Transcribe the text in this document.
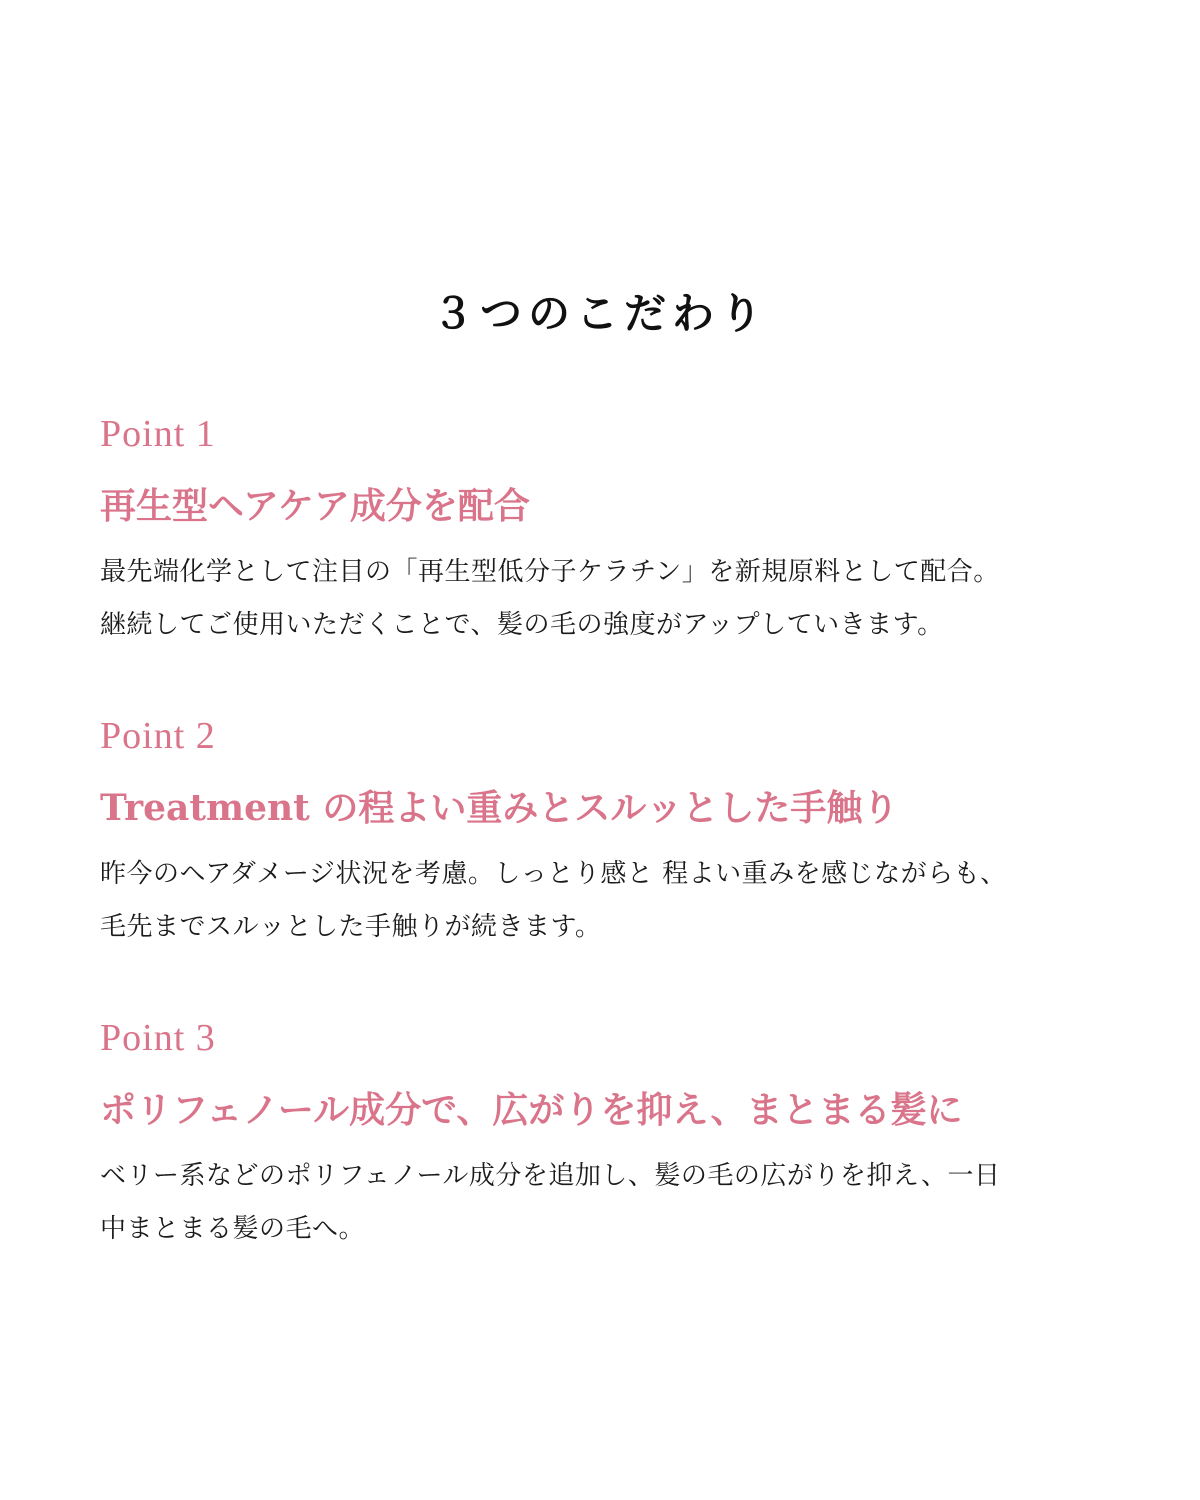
３つのこだわり

Point 1

再生型ヘアケア成分を配合

最先端化学として注目の「再生型低分子ケラチン」を新規原料として配合。
継続してご使用いただくことで、髪の毛の強度がアップしていきます。

Point 2

Treatment の程よい重みとスルッとした手触り

昨今のヘアダメージ状況を考慮。しっとり感と 程よい重みを感じながらも、
毛先までスルッとした手触りが続きます。

Point 3

ポリフェノール成分で、広がりを抑え、まとまる髪に

ベリー系などのポリフェノール成分を追加し、髪の毛の広がりを抑え、一日
中まとまる髪の毛へ。
